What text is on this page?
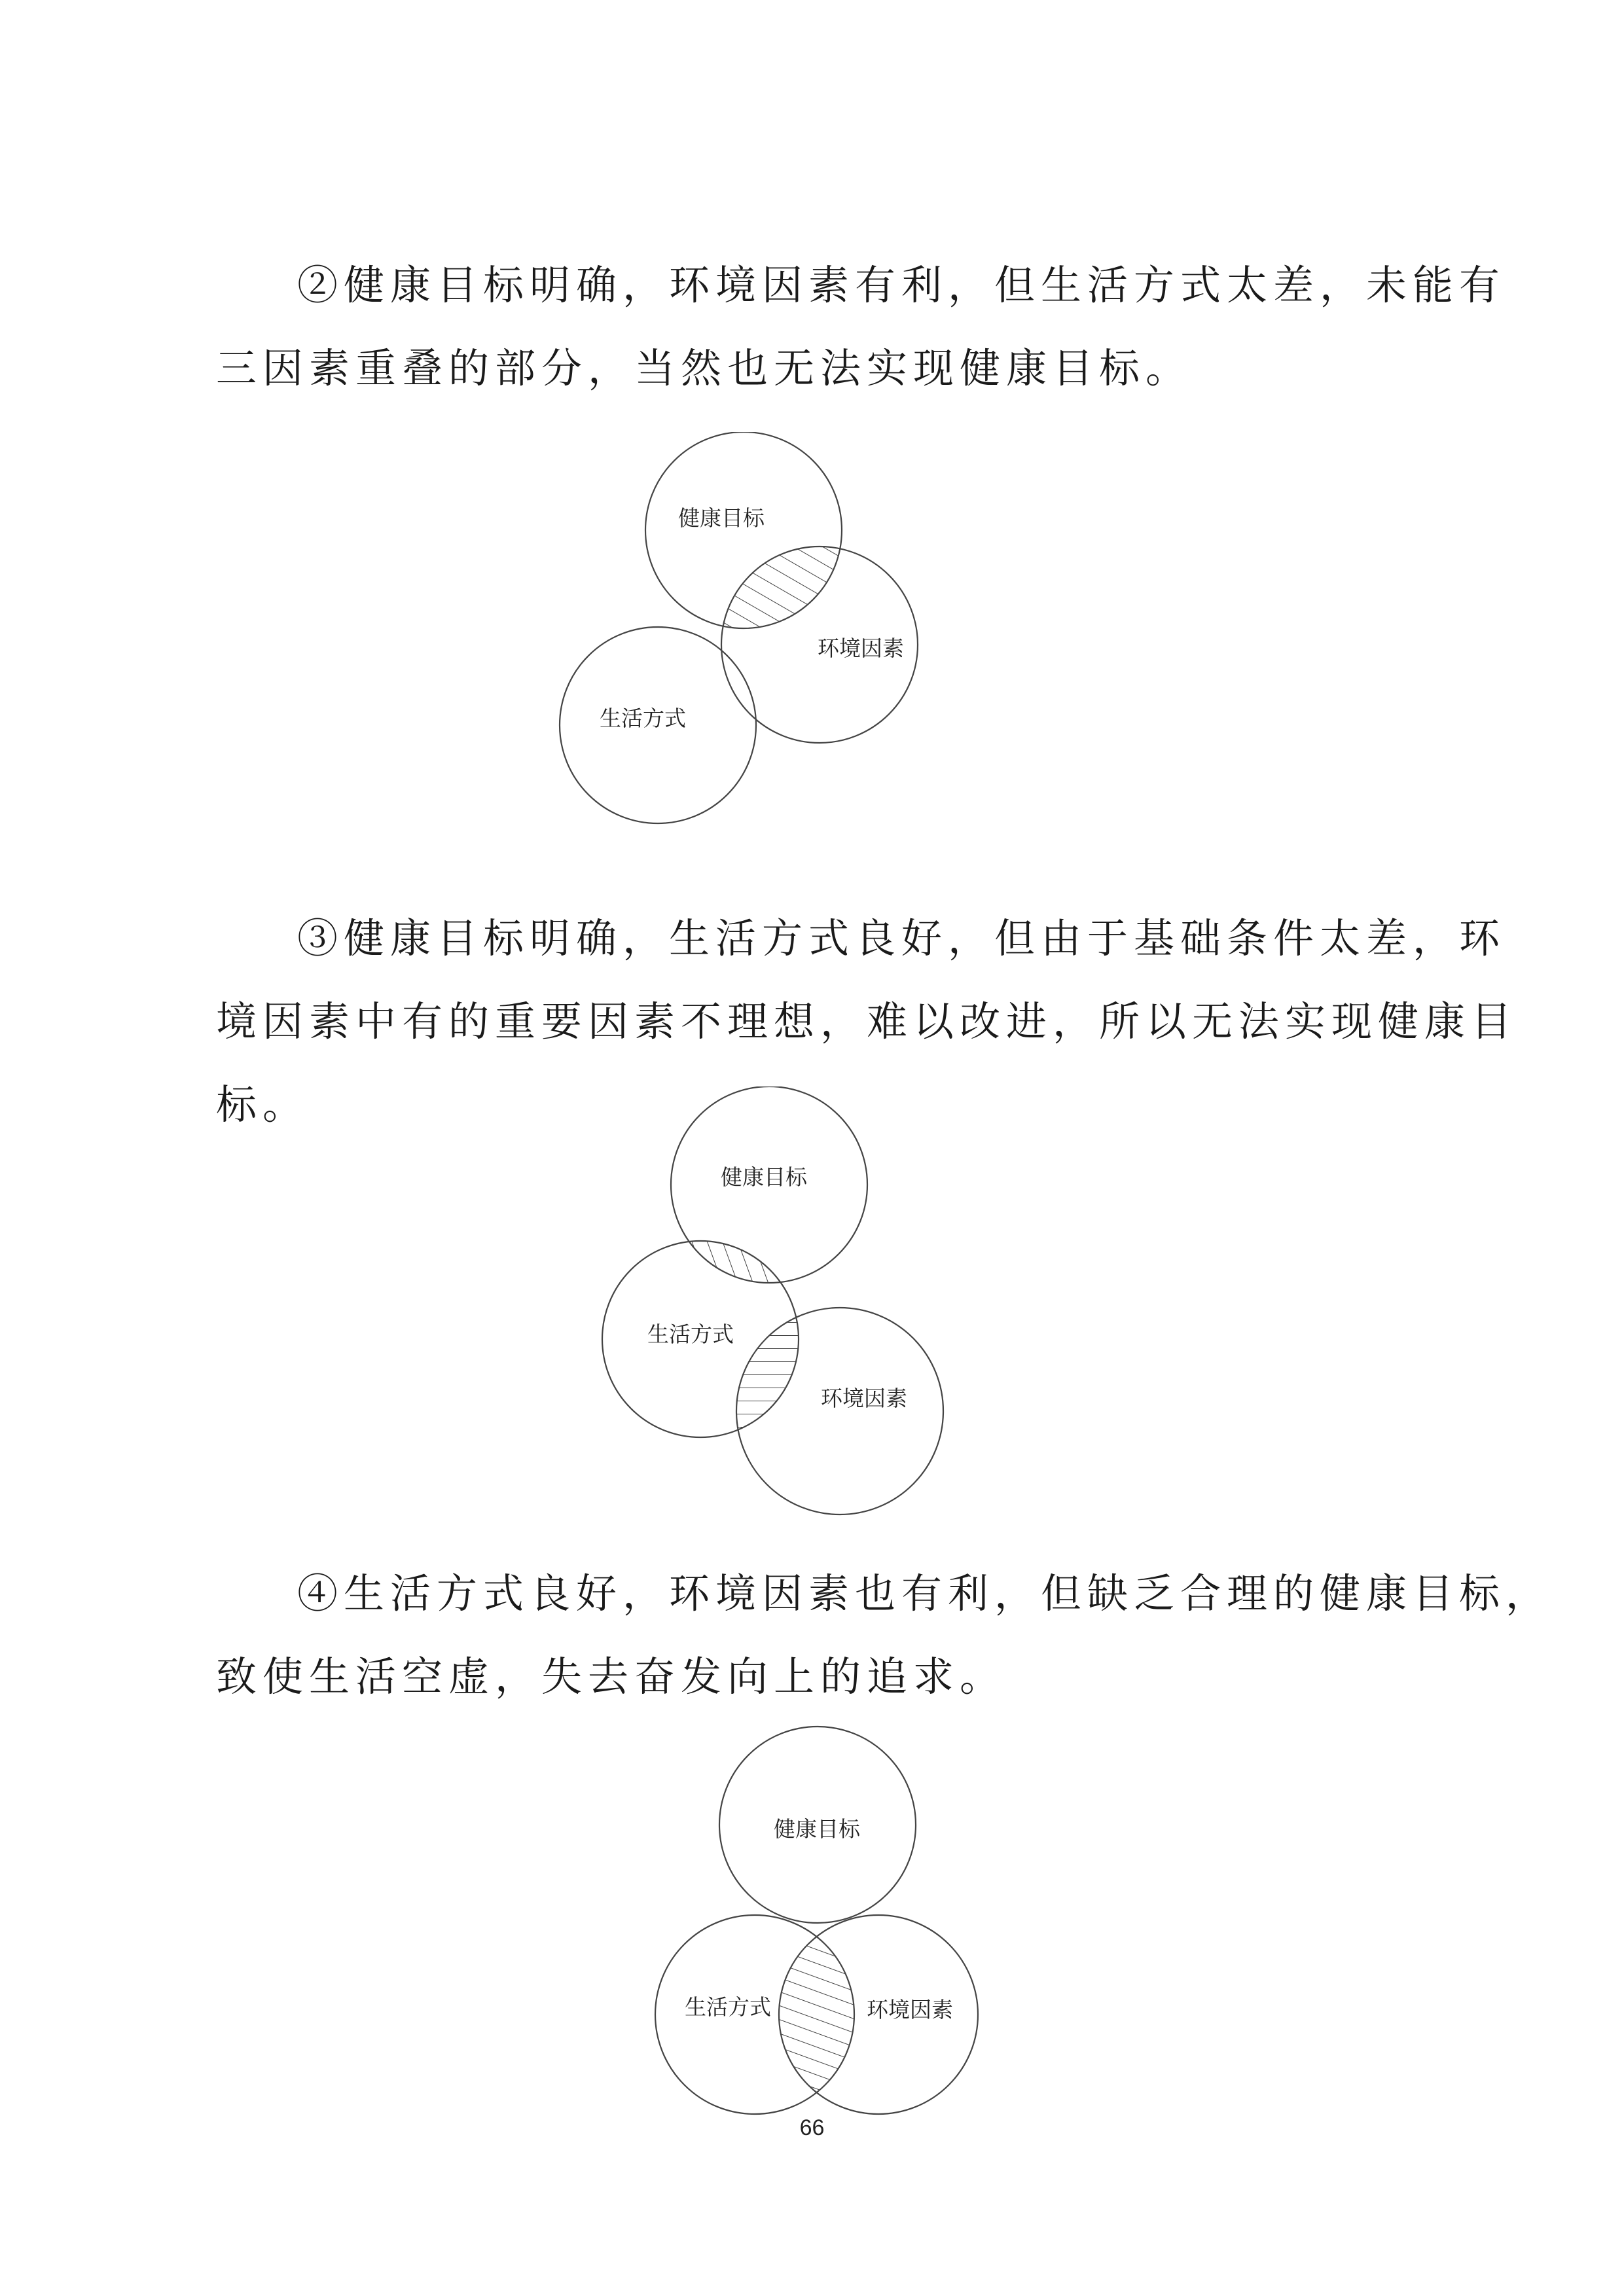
②健康目标明确，环境因素有利，但生活方式太差，未能有
三因素重叠的部分，当然也无法实现健康目标。
健康目标
环境因素
生活方式
③健康目标明确，生活方式良好，但由于基础条件太差，环
境因素中有的重要因素不理想，难以改进，所以无法实现健康目
标。
健康目标
生活方式
环境因素
④生活方式良好，环境因素也有利，但缺乏合理的健康目标，
致使生活空虚，失去奋发向上的追求。
健康目标
生活方式	环境因素
66
